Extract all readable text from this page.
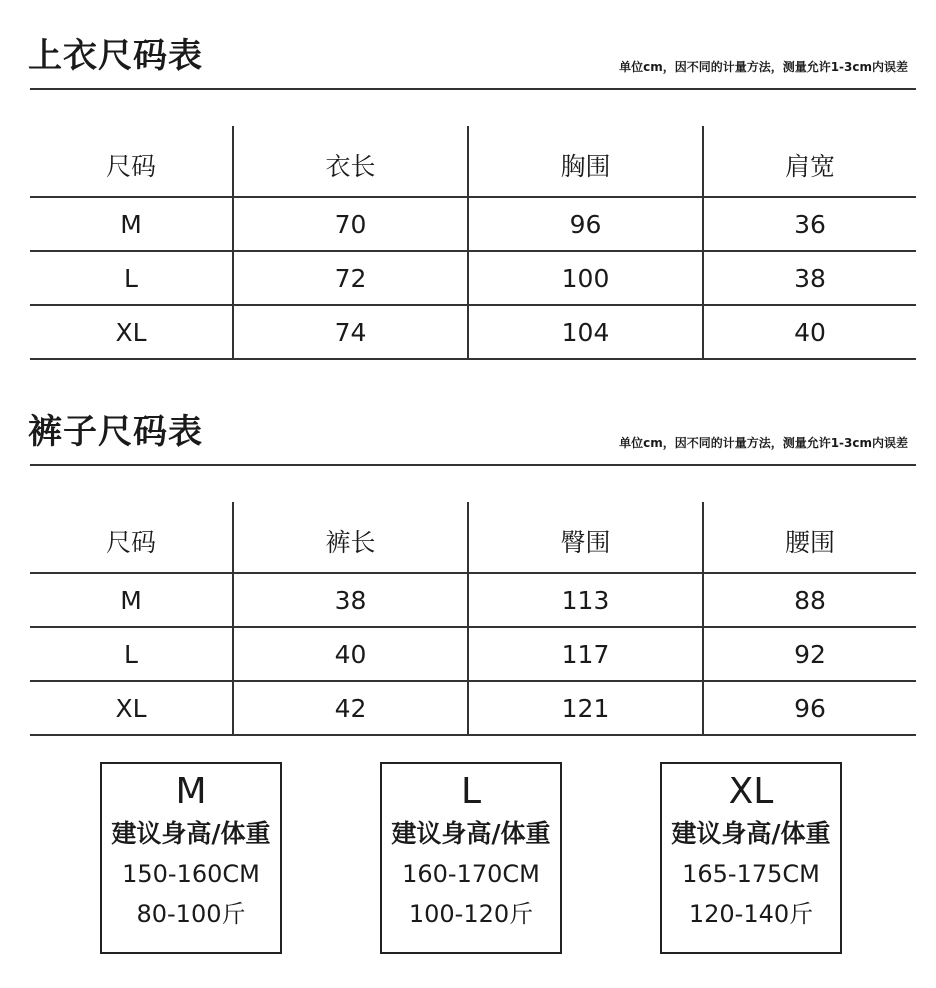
上衣尺码表	单位cm，因不同的计量方法，测量允许1-3cm内误差
尺码	衣长	胸围	肩宽
M	70	96	36
L	72	100	38
XL	74	104	40
裤子尺码表	单位cm，因不同的计量方法，测量允许1-3cm内误差
尺码	裤长	臀围	腰围
M	38	113	88
L	40	117	92
XL	42	121	96
M
建议身高/体重
150-160CM
80-100斤
L
建议身高/体重
160-170CM
100-120斤
XL
建议身高/体重
165-175CM
120-140斤
